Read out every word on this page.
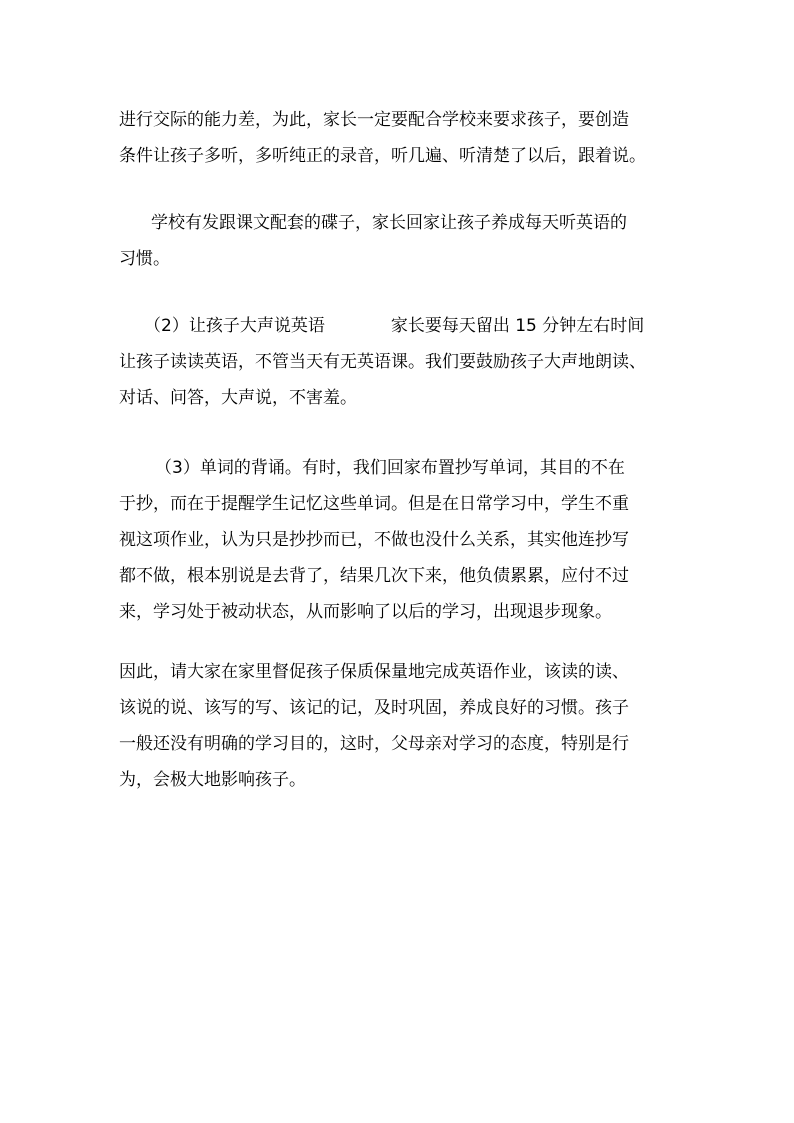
进行交际的能力差，为此，家长一定要配合学校来要求孩子，要创造
条件让孩子多听，多听纯正的录音，听几遍、听清楚了以后，跟着说。
学校有发跟课文配套的碟子，家长回家让孩子养成每天听英语的
习惯。
（2）让孩子大声说英语	家长要每天留出 15 分钟左右时间
让孩子读读英语，不管当天有无英语课。我们要鼓励孩子大声地朗读、
对话、问答，大声说，不害羞。
（3）单词的背诵。有时，我们回家布置抄写单词，其目的不在
于抄，而在于提醒学生记忆这些单词。但是在日常学习中，学生不重
视这项作业，认为只是抄抄而已，不做也没什么关系，其实他连抄写
都不做，根本别说是去背了，结果几次下来，他负债累累，应付不过
来，学习处于被动状态，从而影响了以后的学习，出现退步现象。
因此，请大家在家里督促孩子保质保量地完成英语作业，该读的读、
该说的说、该写的写、该记的记，及时巩固，养成良好的习惯。孩子
一般还没有明确的学习目的，这时，父母亲对学习的态度，特别是行
为，会极大地影响孩子。
